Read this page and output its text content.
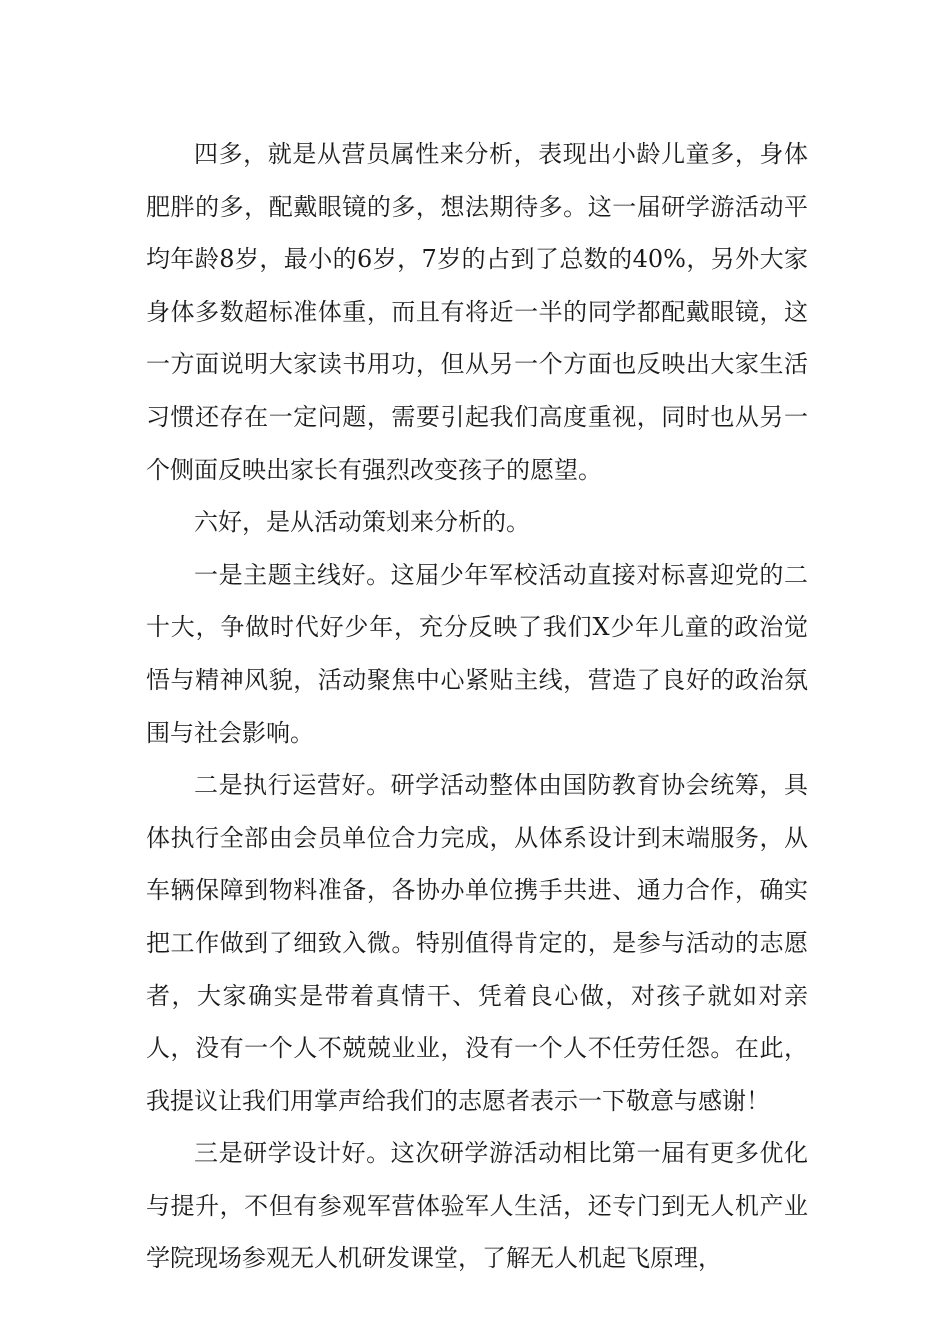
四多，就是从营员属性来分析，表现出小龄儿童多，身体肥胖的多，配戴眼镜的多，想法期待多。这一届研学游活动平均年龄8岁，最小的6岁，7岁的占到了总数的40%，另外大家身体多数超标准体重，而且有将近一半的同学都配戴眼镜，这一方面说明大家读书用功，但从另一个方面也反映出大家生活习惯还存在一定问题，需要引起我们高度重视，同时也从另一个侧面反映出家长有强烈改变孩子的愿望。

六好，是从活动策划来分析的。

一是主题主线好。这届少年军校活动直接对标喜迎党的二十大，争做时代好少年，充分反映了我们X少年儿童的政治觉悟与精神风貌，活动聚焦中心紧贴主线，营造了良好的政治氛围与社会影响。

二是执行运营好。研学活动整体由国防教育协会统筹，具体执行全部由会员单位合力完成，从体系设计到末端服务，从车辆保障到物料准备，各协办单位携手共进、通力合作，确实把工作做到了细致入微。特别值得肯定的，是参与活动的志愿者，大家确实是带着真情干、凭着良心做，对孩子就如对亲人，没有一个人不兢兢业业，没有一个人不任劳任怨。在此，我提议让我们用掌声给我们的志愿者表示一下敬意与感谢！

三是研学设计好。这次研学游活动相比第一届有更多优化与提升，不但有参观军营体验军人生活，还专门到无人机产业学院现场参观无人机研发课堂，了解无人机起飞原理，
